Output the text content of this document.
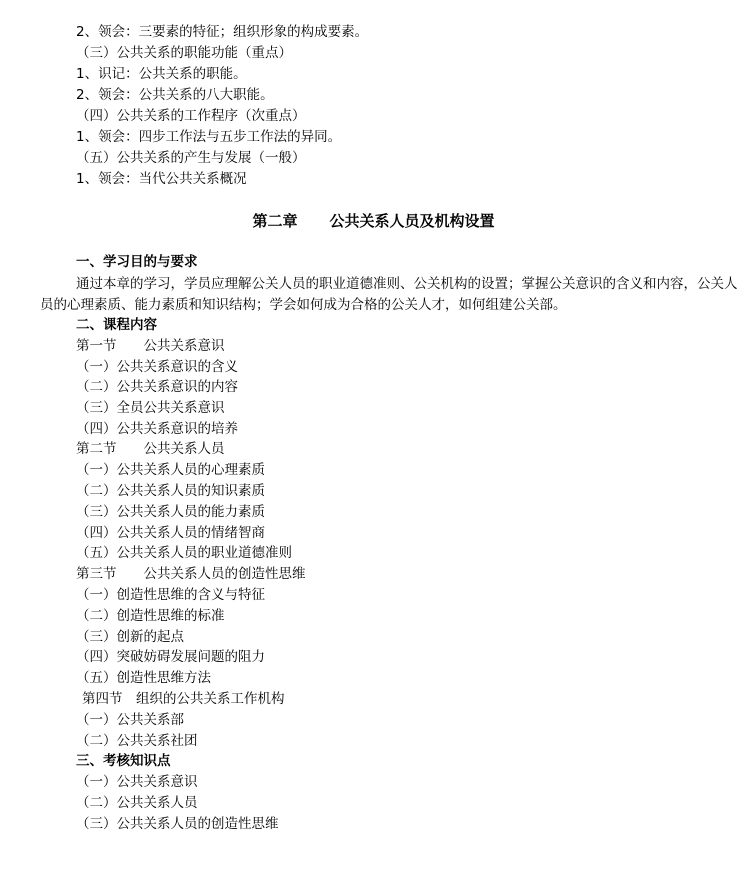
2、领会：三要素的特征；组织形象的构成要素。
（三）公共关系的职能功能（重点）
1、识记：公共关系的职能。
2、领会：公共关系的八大职能。
（四）公共关系的工作程序（次重点）
1、领会：四步工作法与五步工作法的异同。
（五）公共关系的产生与发展（一般）
1、领会：当代公共关系概况
第二章 公共关系人员及机构设置
一、学习目的与要求
通过本章的学习，学员应理解公关人员的职业道德准则、公关机构的设置；掌握公关意识的含义和内容，公关人员的心理素质、能力素质和知识结构；学会如何成为合格的公关人才，如何组建公关部。
二、课程内容
第一节　　公共关系意识
（一）公共关系意识的含义
（二）公共关系意识的内容
（三）全员公共关系意识
（四）公共关系意识的培养
第二节　　公共关系人员
（一）公共关系人员的心理素质
（二）公共关系人员的知识素质
（三）公共关系人员的能力素质
（四）公共关系人员的情绪智商
（五）公共关系人员的职业道德准则
第三节　　公共关系人员的创造性思维
（一）创造性思维的含义与特征
（二）创造性思维的标准
（三）创新的起点
（四）突破妨碍发展问题的阻力
（五）创造性思维方法
第四节　组织的公共关系工作机构
（一）公共关系部
（二）公共关系社团
三、考核知识点
（一）公共关系意识
（二）公共关系人员
（三）公共关系人员的创造性思维
